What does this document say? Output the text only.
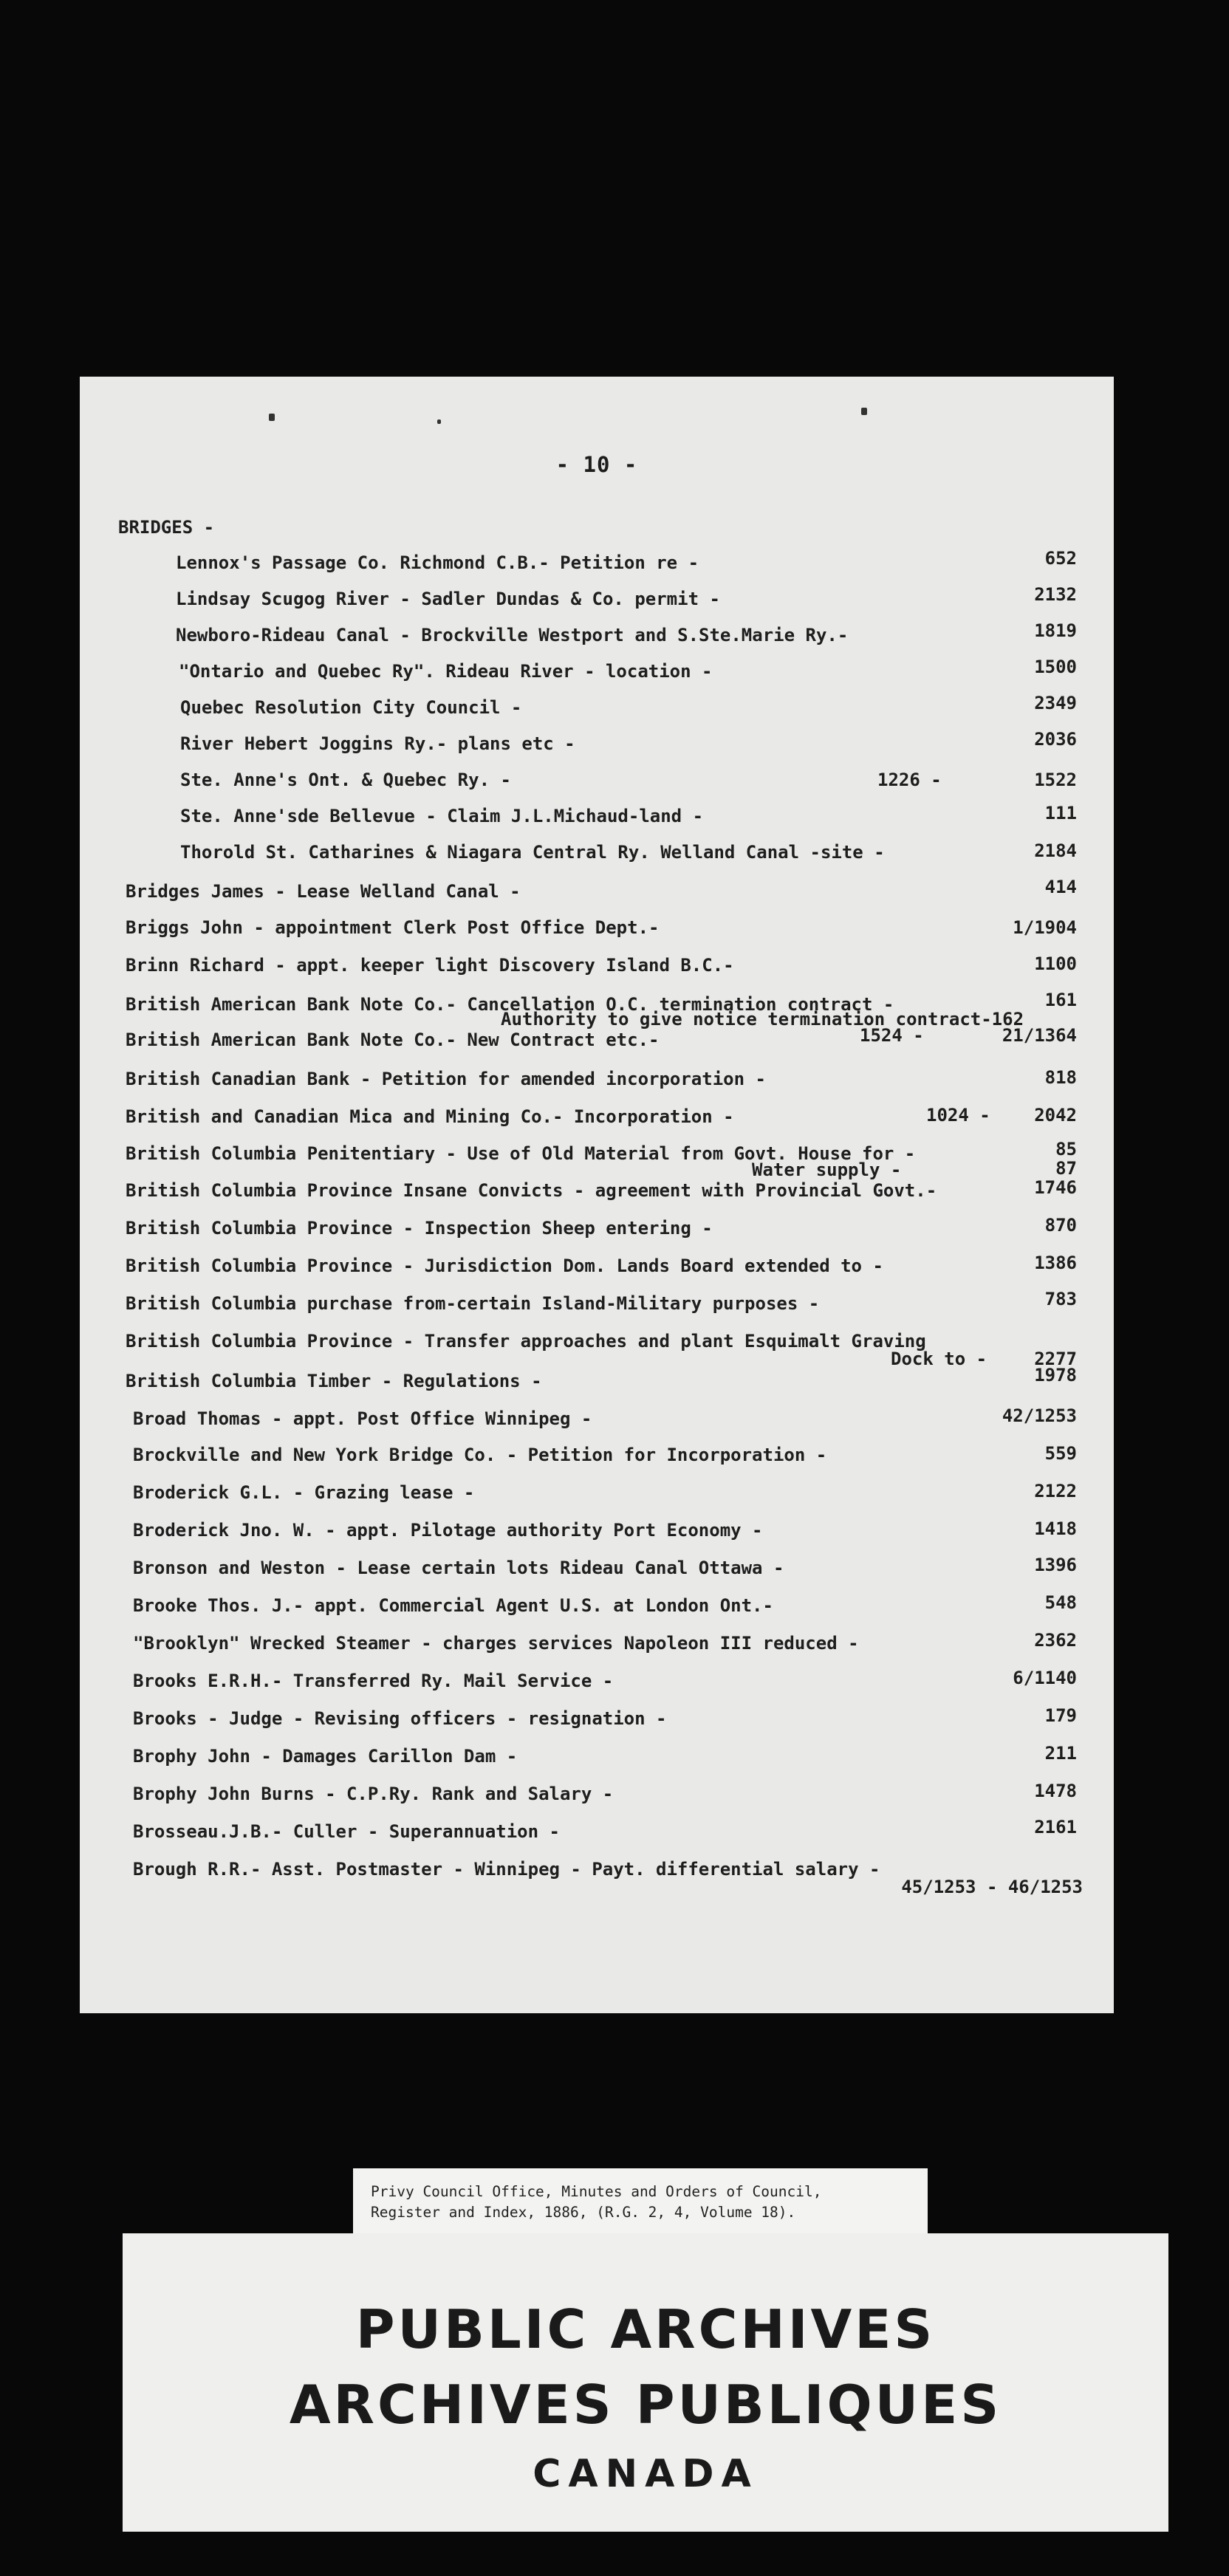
- 10 -
BRIDGES -
Lennox's Passage Co. Richmond C.B.- Petition re -	652
Lindsay Scugog River - Sadler Dundas & Co. permit -	2132
Newboro-Rideau Canal - Brockville Westport and S.Ste.Marie Ry.-	1819
"Ontario and Quebec Ry". Rideau River - location -	1500
Quebec Resolution City Council -	2349
River Hebert Joggins Ry.- plans etc -	2036
Ste. Anne's Ont. & Quebec Ry. -	1226 -	1522
Ste. Anne'sde Bellevue - Claim J.L.Michaud-land -	111
Thorold St. Catharines & Niagara Central Ry. Welland Canal -site -	2184
Bridges James - Lease Welland Canal -	414
Briggs John - appointment Clerk Post Office Dept.-	1/1904
Brinn Richard - appt. keeper light Discovery Island B.C.-	1100
British American Bank Note Co.- Cancellation O.C. termination contract -	161
Authority to give notice termination contract-162
British American Bank Note Co.- New Contract etc.-	1524 -	21/1364
British Canadian Bank - Petition for amended incorporation -	818
British and Canadian Mica and Mining Co.- Incorporation -	1024 - 2042
British Columbia Penitentiary - Use of Old Material from Govt. House for -	85
Water supply -	87
British Columbia Province Insane Convicts - agreement with Provincial Govt.-	1746
British Columbia Province - Inspection Sheep entering -	870
British Columbia Province - Jurisdiction Dom. Lands Board extended to -	1386
British Columbia purchase from-certain Island-Military purposes -	783
British Columbia Province - Transfer approaches and plant Esquimalt Graving
Dock to -	2277
British Columbia Timber - Regulations -	1978
Broad Thomas - appt. Post Office Winnipeg -	42/1253
Brockville and New York Bridge Co. - Petition for Incorporation -	559
Broderick G.L. - Grazing lease -	2122
Broderick Jno. W. - appt. Pilotage authority Port Economy -	1418
Bronson and Weston - Lease certain lots Rideau Canal Ottawa -	1396
Brooke Thos. J.- appt. Commercial Agent U.S. at London Ont.-	548
"Brooklyn" Wrecked Steamer - charges services Napoleon III reduced -	2362
Brooks E.R.H.- Transferred Ry. Mail Service -	6/1140
Brooks - Judge - Revising officers - resignation -	179
Brophy John - Damages Carillon Dam -	211
Brophy John Burns - C.P.Ry. Rank and Salary -	1478
Brosseau.J.B.- Culler - Superannuation -	2161
Brough R.R.- Asst. Postmaster - Winnipeg - Payt. differential salary -
45/1253 - 46/1253
Privy Council Office, Minutes and Orders of Council,
Register and Index, 1886, (R.G. 2, 4, Volume 18).
PUBLIC ARCHIVES
ARCHIVES PUBLIQUES
CANADA
